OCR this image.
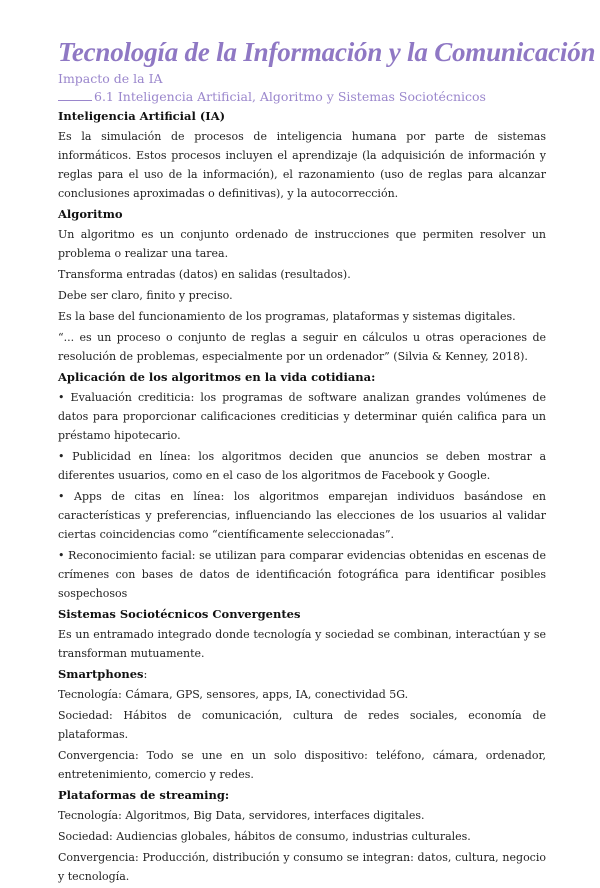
Tecnología de la Información y la Comunicación
Impacto de la IA
6.1 Inteligencia Artificial, Algoritmo y Sistemas Sociotécnicos
Inteligencia Artificial (IA)

Es la simulación de procesos de inteligencia humana por parte de sistemas informáticos. Estos procesos incluyen el aprendizaje (la adquisición de información y reglas para el uso de la información), el razonamiento (uso de reglas para alcanzar conclusiones aproximadas o definitivas), y la autocorrección.

Algoritmo

Un algoritmo es un conjunto ordenado de instrucciones que permiten resolver un problema o realizar una tarea.

Transforma entradas (datos) en salidas (resultados).

Debe ser claro, finito y preciso.

Es la base del funcionamiento de los programas, plataformas y sistemas digitales.

“... es un proceso o conjunto de reglas a seguir en cálculos u otras operaciones de resolución de problemas, especialmente por un ordenador” (Silvia & Kenney, 2018).

Aplicación de los algoritmos en la vida cotidiana:

• Evaluación crediticia: los programas de software analizan grandes volúmenes de datos para proporcionar calificaciones crediticias y determinar quién califica para un préstamo hipotecario.

• Publicidad en línea: los algoritmos deciden que anuncios se deben mostrar a diferentes usuarios, como en el caso de los algoritmos de Facebook y Google.

• Apps de citas en línea: los algoritmos emparejan individuos basándose en características y preferencias, influenciando las elecciones de los usuarios al validar ciertas coincidencias como “científicamente seleccionadas”.

• Reconocimiento facial: se utilizan para comparar evidencias obtenidas en escenas de crímenes con bases de datos de identificación fotográfica para identificar posibles sospechosos

Sistemas Sociotécnicos Convergentes

Es un entramado integrado donde tecnología y sociedad se combinan, interactúan y se transforman mutuamente.

Smartphones:

Tecnología: Cámara, GPS, sensores, apps, IA, conectividad 5G.

Sociedad: Hábitos de comunicación, cultura de redes sociales, economía de plataformas.

Convergencia: Todo se une en un solo dispositivo: teléfono, cámara, ordenador, entretenimiento, comercio y redes.

Plataformas de streaming:

Tecnología: Algoritmos, Big Data, servidores, interfaces digitales.

Sociedad: Audiencias globales, hábitos de consumo, industrias culturales.

Convergencia: Producción, distribución y consumo se integran: datos, cultura, negocio y tecnología.
